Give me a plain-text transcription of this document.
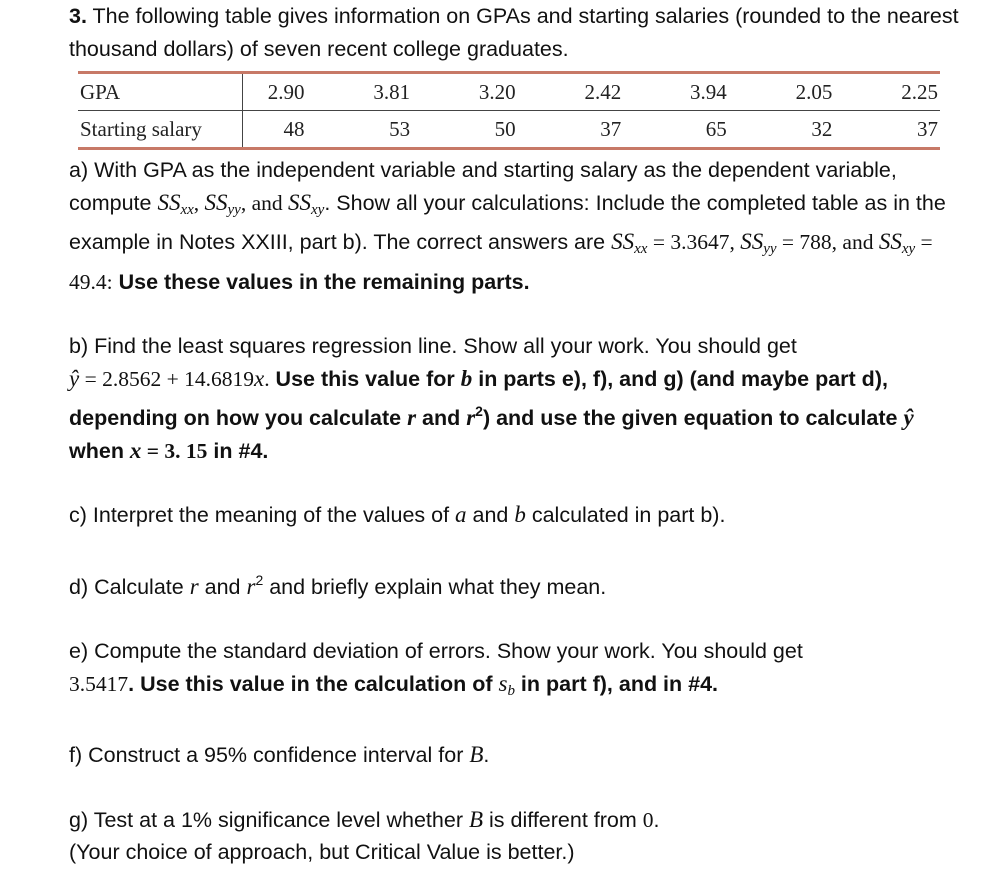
3. The following table gives information on GPAs and starting salaries (rounded to the nearest thousand dollars) of seven recent college graduates.

GPA	2.90	3.81	3.20	2.42	3.94	2.05	2.25
Starting salary	48	53	50	37	65	32	37

a) With GPA as the independent variable and starting salary as the dependent variable, compute $SS_{xx}$, $SS_{yy}$, and $SS_{xy}$. Show all your calculations: Include the completed table as in the example in Notes XXIII, part b). The correct answers are $SS_{xx} = 3.3647$, $SS_{yy} = 788$, and $SS_{xy} = 49.4$: Use these values in the remaining parts.

b) Find the least squares regression line. Show all your work. You should get
ŷ = 2.8562 + 14.6819x. Use this value for b in parts e), f), and g) (and maybe part d), depending on how you calculate r and $r^2$) and use the given equation to calculate ŷ when x = 3. 15 in #4.

c) Interpret the meaning of the values of a and b calculated in part b).

d) Calculate r and $r^2$ and briefly explain what they mean.

e) Compute the standard deviation of errors. Show your work. You should get
3.5417. Use this value in the calculation of $s_b$ in part f), and in #4.

f) Construct a 95% confidence interval for B.

g) Test at a 1% significance level whether B is different from 0.
(Your choice of approach, but Critical Value is better.)
